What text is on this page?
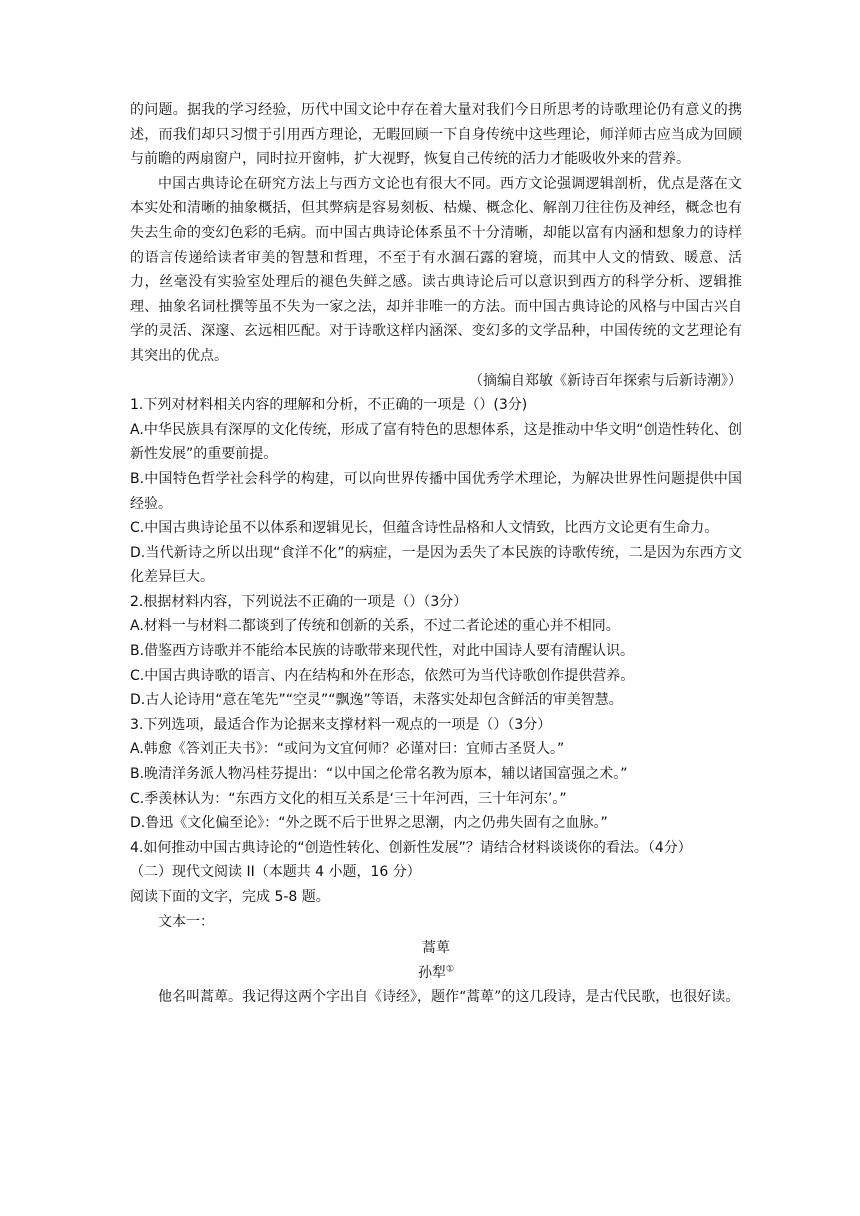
的问题。据我的学习经验，历代中国文论中存在着大量对我们今日所思考的诗歌理论仍有意义的携述，而我们却只习惯于引用西方理论，无暇回顾一下自身传统中这些理论，师洋师古应当成为回顾与前瞻的两扇窗户，同时拉开窗帏，扩大视野，恢复自己传统的活力才能吸收外来的营养。

中国古典诗论在研究方法上与西方文论也有很大不同。西方文论强调逻辑剖析，优点是落在文本实处和清晰的抽象概括，但其弊病是容易刻板、枯燥、概念化、解剖刀往往伤及神经，概念也有失去生命的变幻色彩的毛病。而中国古典诗论体系虽不十分清晰，却能以富有内涵和想象力的诗样的语言传递给读者审美的智慧和哲理，不至于有水涸石露的窘境，而其中人文的情致、暖意、活力，丝毫没有实验室处理后的褪色失鲜之感。读古典诗论后可以意识到西方的科学分析、逻辑推理、抽象名词杜撰等虽不失为一家之法，却并非唯一的方法。而中国古典诗论的风格与中国古兴自学的灵活、深邃、玄远相匹配。对于诗歌这样内涵深、变幻多的文学品种，中国传统的文艺理论有其突出的优点。

（摘编自郑敏《新诗百年探索与后新诗潮》）

1.下列对材料相关内容的理解和分析，不正确的一项是（）(3分)

A.中华民族具有深厚的文化传统，形成了富有特色的思想体系，这是推动中华文明“创造性转化、创新性发展”的重要前提。

B.中国特色哲学社会科学的构建，可以向世界传播中国优秀学术理论，为解决世界性问题提供中国经验。

C.中国古典诗论虽不以体系和逻辑见长，但蕴含诗性品格和人文情致，比西方文论更有生命力。

D.当代新诗之所以出现“食洋不化”的病症，一是因为丢失了本民族的诗歌传统，二是因为东西方文化差异巨大。

2.根据材料内容，下列说法不正确的一项是（）（3分）

A.材料一与材料二都谈到了传统和创新的关系，不过二者论述的重心并不相同。

B.借鉴西方诗歌并不能给本民族的诗歌带来现代性，对此中国诗人要有清醒认识。

C.中国古典诗歌的语言、内在结构和外在形态，依然可为当代诗歌创作提供营养。

D.古人论诗用“意在笔先”“空灵”“飘逸”等语，未落实处却包含鲜活的审美智慧。

3.下列选项，最适合作为论据来支撑材料一观点的一项是（）（3分）

A.韩愈《答刘正夫书》：“或问为文宜何师？必谨对曰：宜师古圣贤人。”

B.晚清洋务派人物冯桂芬提出：“以中国之伦常名教为原本，辅以诸国富强之术。”

C.季羡林认为：“东西方文化的相互关系是‘三十年河西，三十年河东’。”

D.鲁迅《文化偏至论》：“外之既不后于世界之思潮，内之仍弗失固有之血脉。”

4.如何推动中国古典诗论的“创造性转化、创新性发展”？请结合材料谈谈你的看法。（4分）

（二）现代文阅读 II（本题共 4 小题，16 分）

阅读下面的文字，完成 5-8 题。

文本一：

蒿萆

孙犁①

他名叫蒿萆。我记得这两个字出自《诗经》，题作“蒿萆”的这几段诗，是古代民歌，也很好读。
